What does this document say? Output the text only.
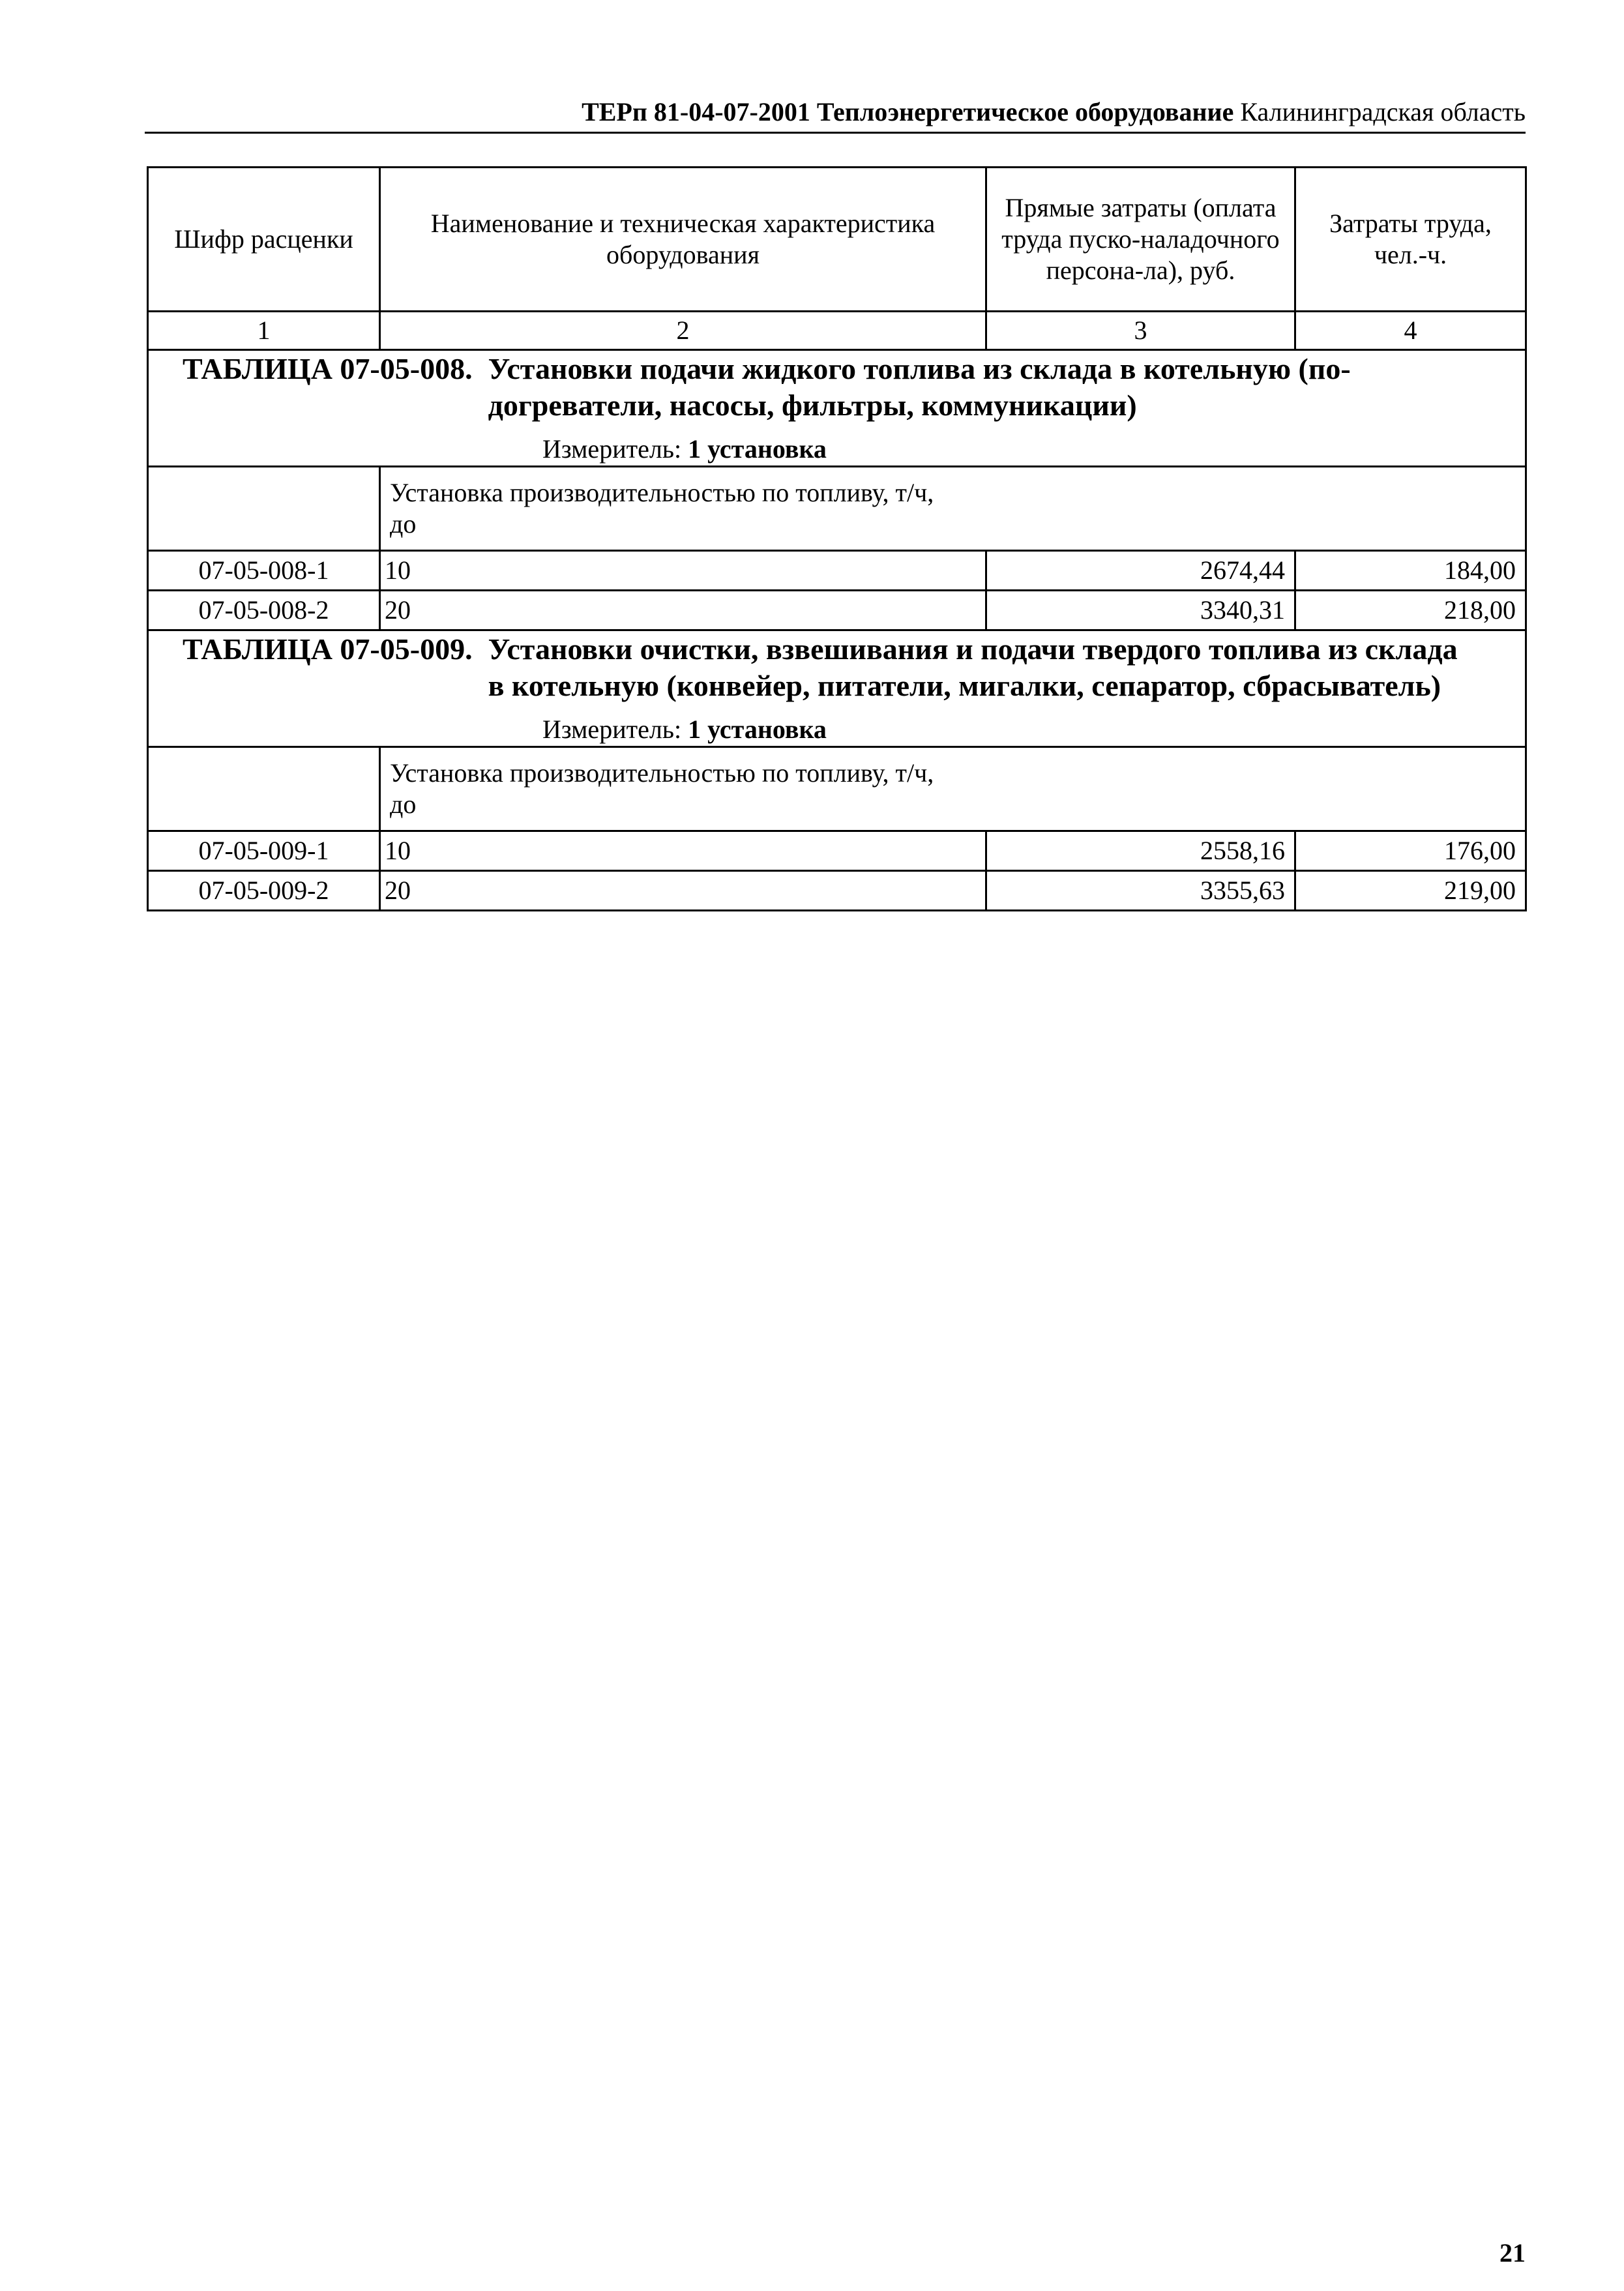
ТЕРп 81-04-07-2001 Теплоэнергетическое оборудование Калининградская область
Шифр расценки	Наименование и техническая характеристика оборудования	Прямые затраты (оплата труда пуско-наладочного персона-ла), руб.	Затраты труда, чел.-ч.
1	2	3	4

ТАБЛИЦА 07-05-008. Установки подачи жидкого топлива из склада в котельную (по-догреватели, насосы, фильтры, коммуникации)
Измеритель: 1 установка			

	Установка производительностью по топливу, т/ч, до		

07-05-008-1	10	2674,44	184,00
07-05-008-2	20	3340,31	218,00

ТАБЛИЦА 07-05-009. Установки очистки, взвешивания и подачи твердого топлива из склада в котельную (конвейер, питатели, мигалки, сепаратор, сбрасыватель)
Измеритель: 1 установка			

	Установка производительностью по топливу, т/ч, до		

07-05-009-1	10	2558,16	176,00
07-05-009-2	20	3355,63	219,00
21
